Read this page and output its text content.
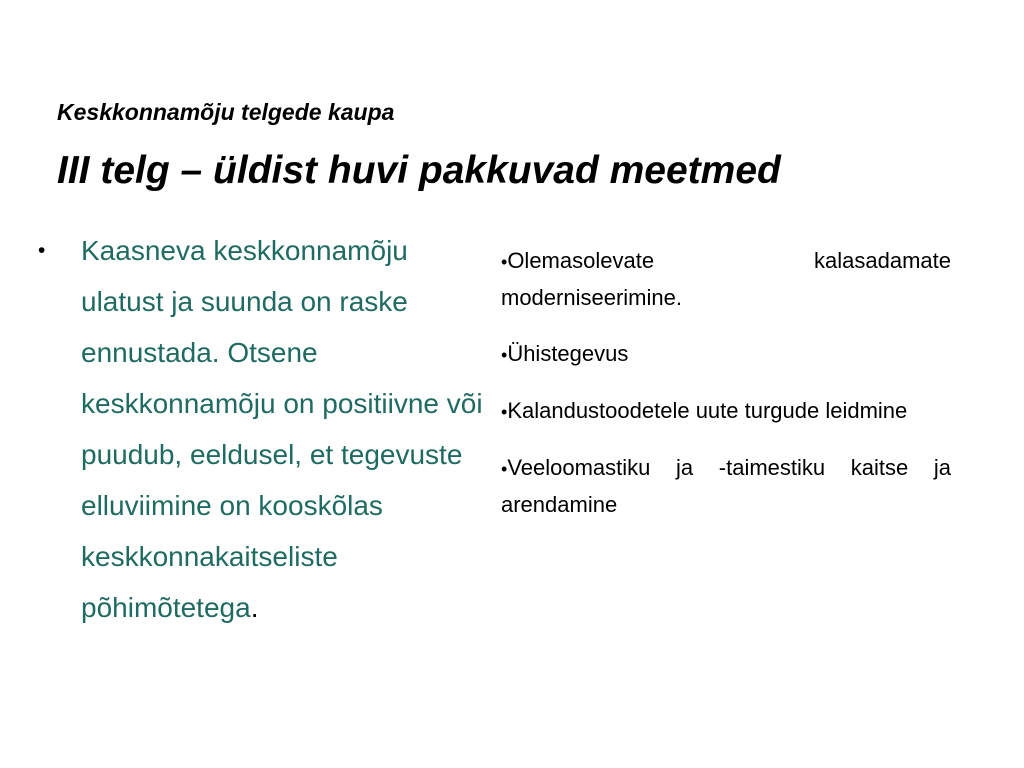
Keskkonnamõju telgede kaupa
III telg – üldist huvi pakkuvad meetmed
• Kaasneva keskkonnamõju ulatust ja suunda on raske ennustada. Otsene keskkonnamõju on positiivne või puudub, eeldusel, et tegevuste elluviimine on kooskõlas keskkonnakaitseliste põhimõtetega.
•Olemasolevate kalasadamate moderniseerimine.
•Ühistegevus
•Kalandustoodetele uute turgude leidmine
•Veeloomastiku ja -taimestiku kaitse ja arendamine
